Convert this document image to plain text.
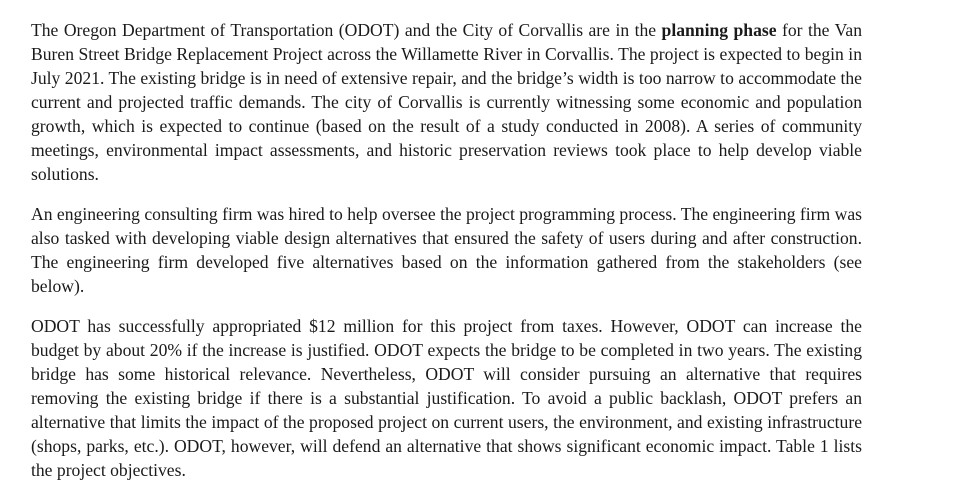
The Oregon Department of Transportation (ODOT) and the City of Corvallis are in the planning phase for the Van Buren Street Bridge Replacement Project across the Willamette River in Corvallis. The project is expected to begin in July 2021. The existing bridge is in need of extensive repair, and the bridge’s width is too narrow to accommodate the current and projected traffic demands. The city of Corvallis is currently witnessing some economic and population growth, which is expected to continue (based on the result of a study conducted in 2008). A series of community meetings, environmental impact assessments, and historic preservation reviews took place to help develop viable solutions.

An engineering consulting firm was hired to help oversee the project programming process. The engineering firm was also tasked with developing viable design alternatives that ensured the safety of users during and after construction. The engineering firm developed five alternatives based on the information gathered from the stakeholders (see below).

ODOT has successfully appropriated $12 million for this project from taxes. However, ODOT can increase the budget by about 20% if the increase is justified. ODOT expects the bridge to be completed in two years. The existing bridge has some historical relevance. Nevertheless, ODOT will consider pursuing an alternative that requires removing the existing bridge if there is a substantial justification. To avoid a public backlash, ODOT prefers an alternative that limits the impact of the proposed project on current users, the environment, and existing infrastructure (shops, parks, etc.). ODOT, however, will defend an alternative that shows significant economic impact. Table 1 lists the project objectives.
